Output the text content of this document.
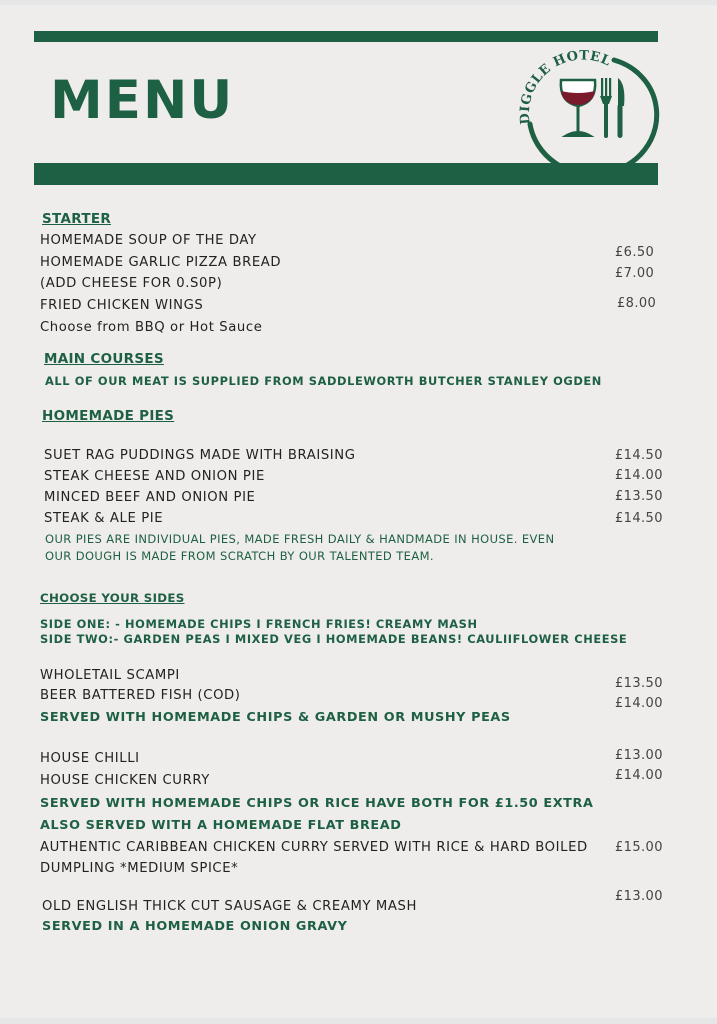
MENU	DIGGLE HOTEL
STARTER
HOMEMADE SOUP OF THE DAY
HOMEMADE GARLIC PIZZA BREAD
(ADD CHEESE FOR 0.S0P)
FRIED CHICKEN WINGS
Choose from BBQ or Hot Sauce
£6.50
£7.00
£8.00
MAIN COURSES
ALL OF OUR MEAT IS SUPPLIED FROM SADDLEWORTH BUTCHER STANLEY OGDEN
HOMEMADE PIES
SUET RAG PUDDINGS MADE WITH BRAISING
STEAK CHEESE AND ONION PIE
MINCED BEEF AND ONION PIE
STEAK & ALE PIE
£14.50
£14.00
£13.50
£14.50
OUR PIES ARE INDIVIDUAL PIES, MADE FRESH DAILY & HANDMADE IN HOUSE. EVEN
OUR DOUGH IS MADE FROM SCRATCH BY OUR TALENTED TEAM.
CHOOSE YOUR SIDES
SIDE ONE: - HOMEMADE CHIPS I FRENCH FRIES! CREAMY MASH
SIDE TWO:- GARDEN PEAS I MIXED VEG I HOMEMADE BEANS! CAULIIFLOWER CHEESE
WHOLETAIL SCAMPI
BEER BATTERED FISH (COD)
£13.50
£14.00
SERVED WITH HOMEMADE CHIPS & GARDEN OR MUSHY PEAS
HOUSE CHILLI
HOUSE CHICKEN CURRY
£13.00
£14.00
SERVED WITH HOMEMADE CHIPS OR RICE HAVE BOTH FOR £1.50 EXTRA
ALSO SERVED WITH A HOMEMADE FLAT BREAD
AUTHENTIC CARIBBEAN CHICKEN CURRY SERVED WITH RICE & HARD BOILED
DUMPLING *MEDIUM SPICE*
£15.00
£13.00
OLD ENGLISH THICK CUT SAUSAGE & CREAMY MASH
SERVED IN A HOMEMADE ONION GRAVY
